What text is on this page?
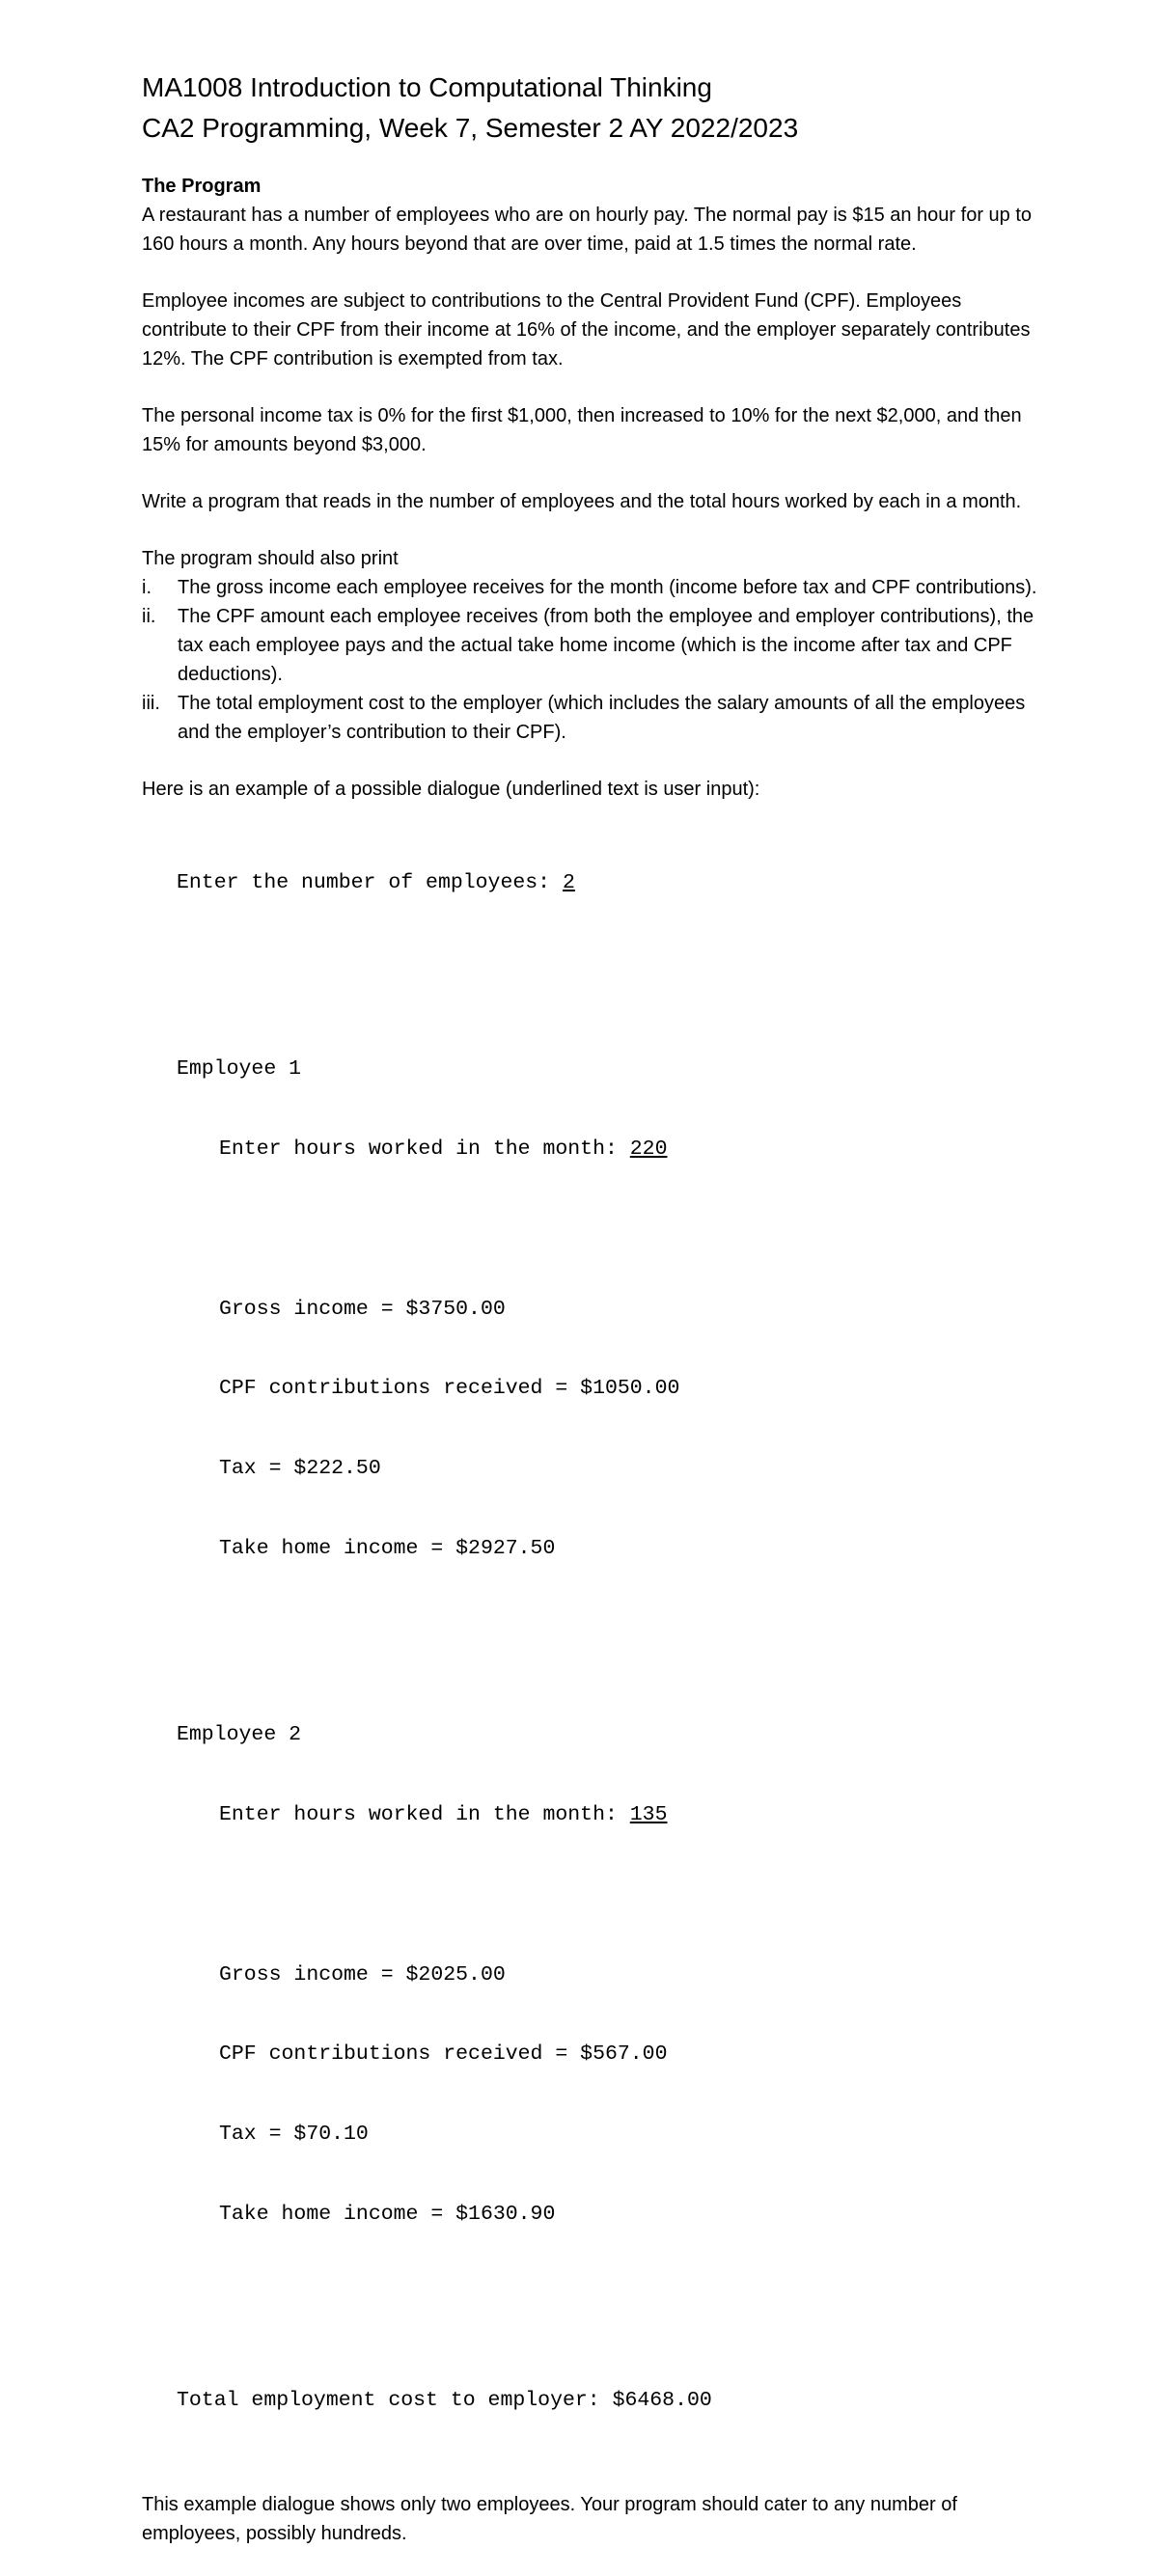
MA1008 Introduction to Computational Thinking
CA2 Programming, Week 7, Semester 2 AY 2022/2023
The Program

A restaurant has a number of employees who are on hourly pay. The normal pay is $15 an hour for up to 160 hours a month. Any hours beyond that are over time, paid at 1.5 times the normal rate.

Employee incomes are subject to contributions to the Central Provident Fund (CPF). Employees contribute to their CPF from their income at 16% of the income, and the employer separately contributes 12%. The CPF contribution is exempted from tax.

The personal income tax is 0% for the first $1,000, then increased to 10% for the next $2,000, and then 15% for amounts beyond $3,000.

Write a program that reads in the number of employees and the total hours worked by each in a month.

The program should also print

i. The gross income each employee receives for the month (income before tax and CPF contributions).
ii. The CPF amount each employee receives (from both the employee and employer contributions), the tax each employee pays and the actual take home income (which is the income after tax and CPF deductions).
iii. The total employment cost to the employer (which includes the salary amounts of all the employees and the employer’s contribution to their CPF).

Here is an example of a possible dialogue (underlined text is user input):

Enter the number of employees: 2

Employee 1

Enter hours worked in the month: 220

Gross income = $3750.00

CPF contributions received = $1050.00

Tax = $222.50

Take home income = $2927.50

Employee 2

Enter hours worked in the month: 135

Gross income = $2025.00

CPF contributions received = $567.00

Tax = $70.10

Take home income = $1630.90

Total employment cost to employer: $6468.00

This example dialogue shows only two employees. Your program should cater to any number of employees, possibly hundreds.
